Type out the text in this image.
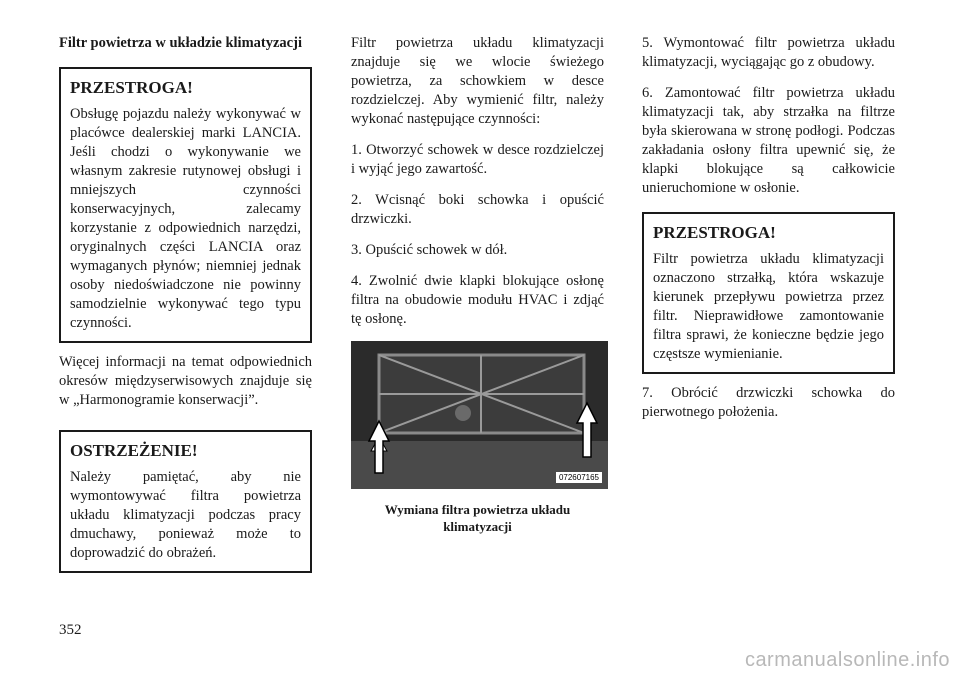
Filtr powietrza w układzie klimatyzacji
PRZESTROGA!

Obsługę pojazdu należy wykonywać w placówce dealerskiej marki LANCIA. Jeśli chodzi o wykonywanie we własnym zakresie rutynowej obsługi i mniejszych czynności konserwacyjnych, zalecamy korzystanie z odpowiednich narzędzi, oryginalnych części LANCIA oraz wymaganych płynów; niemniej jednak osoby niedoświadczone nie powinny samodzielnie wykonywać tego typu czynności.

Więcej informacji na temat odpowiednich okresów międzyserwisowych znajduje się w „Harmonogramie konserwacji”.

OSTRZEŻENIE!

Należy pamiętać, aby nie wymontowywać filtra powietrza układu klimatyzacji podczas pracy dmuchawy, ponieważ może to doprowadzić do obrażeń.

Filtr powietrza układu klimatyzacji znajduje się we wlocie świeżego powietrza, za schowkiem w desce rozdzielczej. Aby wymienić filtr, należy wykonać następujące czynności:

1. Otworzyć schowek w desce rozdzielczej i wyjąć jego zawartość.

2. Wcisnąć boki schowka i opuścić drzwiczki.

3. Opuścić schowek w dół.

4. Zwolnić dwie klapki blokujące osłonę filtra na obudowie modułu HVAC i zdjąć tę osłonę.

072607165
Wymiana filtra powietrza układu klimatyzacji

5. Wymontować filtr powietrza układu klimatyzacji, wyciągając go z obudowy.

6. Zamontować filtr powietrza układu klimatyzacji tak, aby strzałka na filtrze była skierowana w stronę podłogi. Podczas zakładania osłony filtra upewnić się, że klapki blokujące są całkowicie unieruchomione w osłonie.

PRZESTROGA!

Filtr powietrza układu klimatyzacji oznaczono strzałką, która wskazuje kierunek przepływu powietrza przez filtr. Nieprawidłowe zamontowanie filtra sprawi, że konieczne będzie jego częstsze wymienianie.

7. Obrócić drzwiczki schowka do pierwotnego położenia.

352
carmanualsonline.info
